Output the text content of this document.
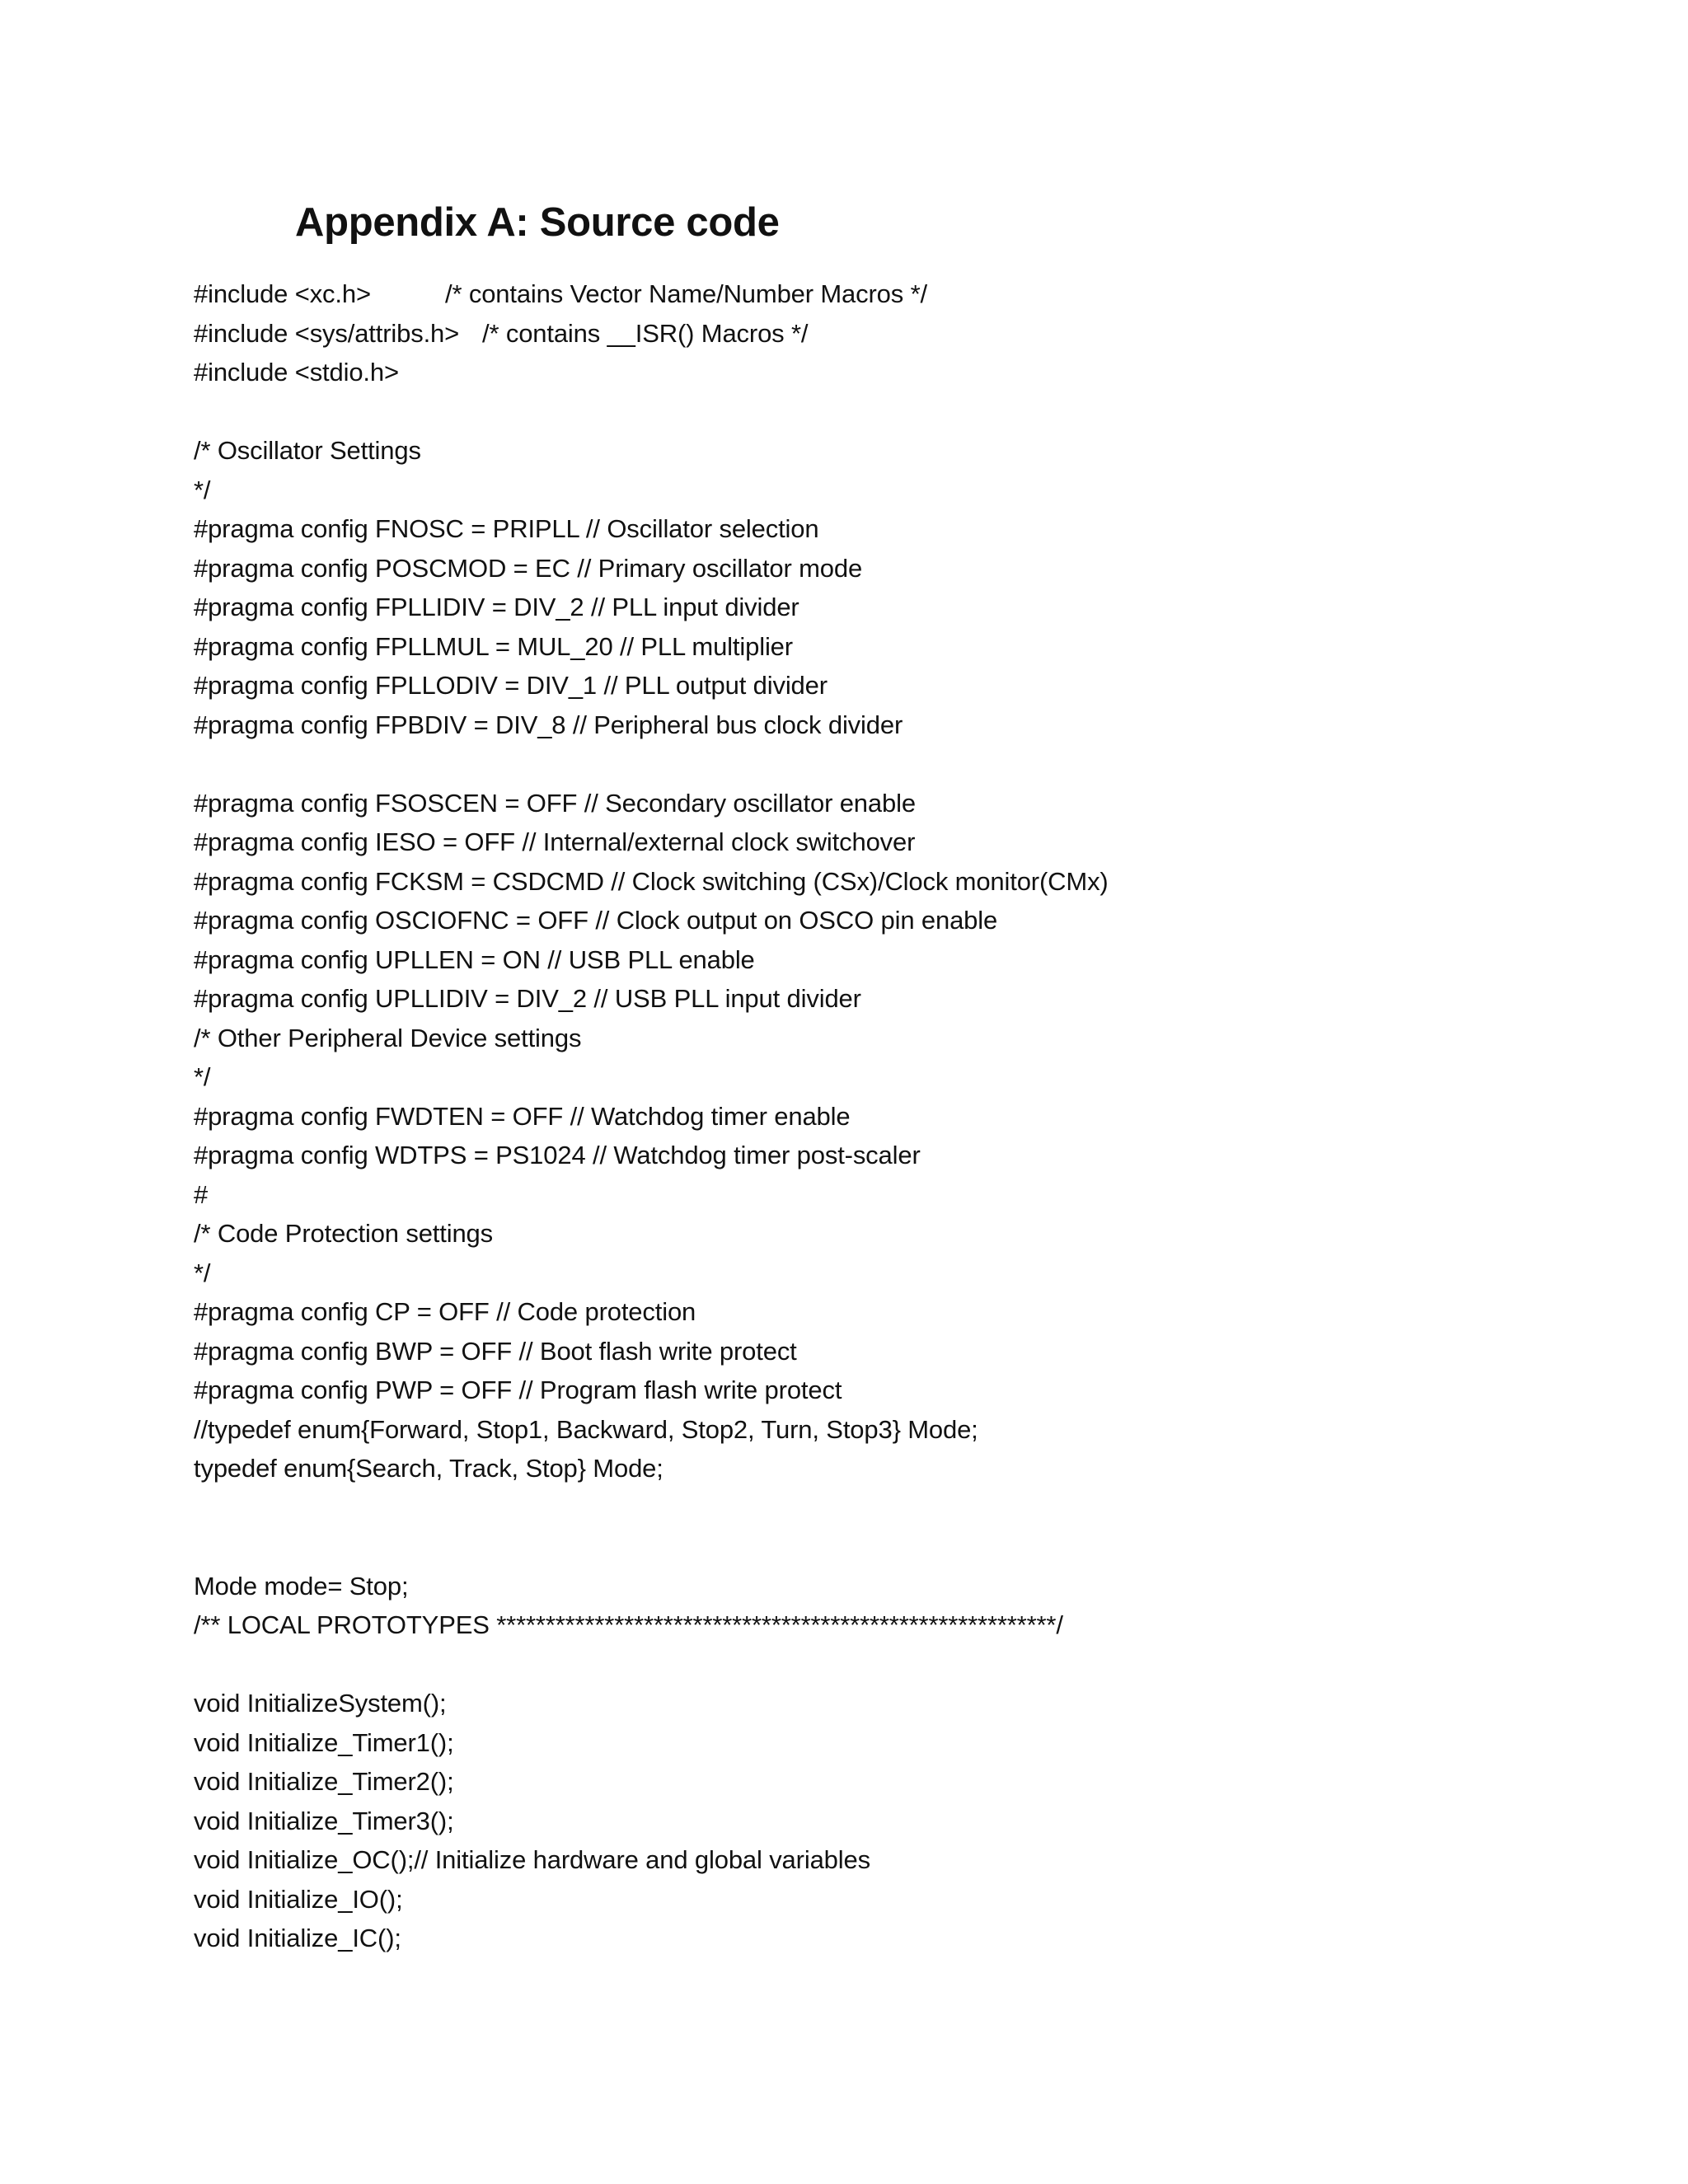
Appendix A: Source code
#include <xc.h>	/* contains Vector Name/Number Macros */
#include <sys/attribs.h> /* contains __ISR() Macros */
#include <stdio.h>
/* Oscillator Settings
*/
#pragma config FNOSC = PRIPLL // Oscillator selection
#pragma config POSCMOD = EC // Primary oscillator mode
#pragma config FPLLIDIV = DIV_2 // PLL input divider
#pragma config FPLLMUL = MUL_20 // PLL multiplier
#pragma config FPLLODIV = DIV_1 // PLL output divider
#pragma config FPBDIV = DIV_8 // Peripheral bus clock divider
#pragma config FSOSCEN = OFF // Secondary oscillator enable
#pragma config IESO = OFF // Internal/external clock switchover
#pragma config FCKSM = CSDCMD // Clock switching (CSx)/Clock monitor(CMx)
#pragma config OSCIOFNC = OFF // Clock output on OSCO pin enable
#pragma config UPLLEN = ON // USB PLL enable
#pragma config UPLLIDIV = DIV_2 // USB PLL input divider
/* Other Peripheral Device settings
*/
#pragma config FWDTEN = OFF // Watchdog timer enable
#pragma config WDTPS = PS1024 // Watchdog timer post-scaler
#
/* Code Protection settings
*/
#pragma config CP = OFF // Code protection
#pragma config BWP = OFF // Boot flash write protect
#pragma config PWP = OFF // Program flash write protect
//typedef enum{Forward, Stop1, Backward, Stop2, Turn, Stop3} Mode;
typedef enum{Search, Track, Stop} Mode;
Mode mode= Stop;
/** LOCAL PROTOTYPES *********************************************************/
void InitializeSystem();
void Initialize_Timer1();
void Initialize_Timer2();
void Initialize_Timer3();
void Initialize_OC();// Initialize hardware and global variables
void Initialize_IO();
void Initialize_IC();
